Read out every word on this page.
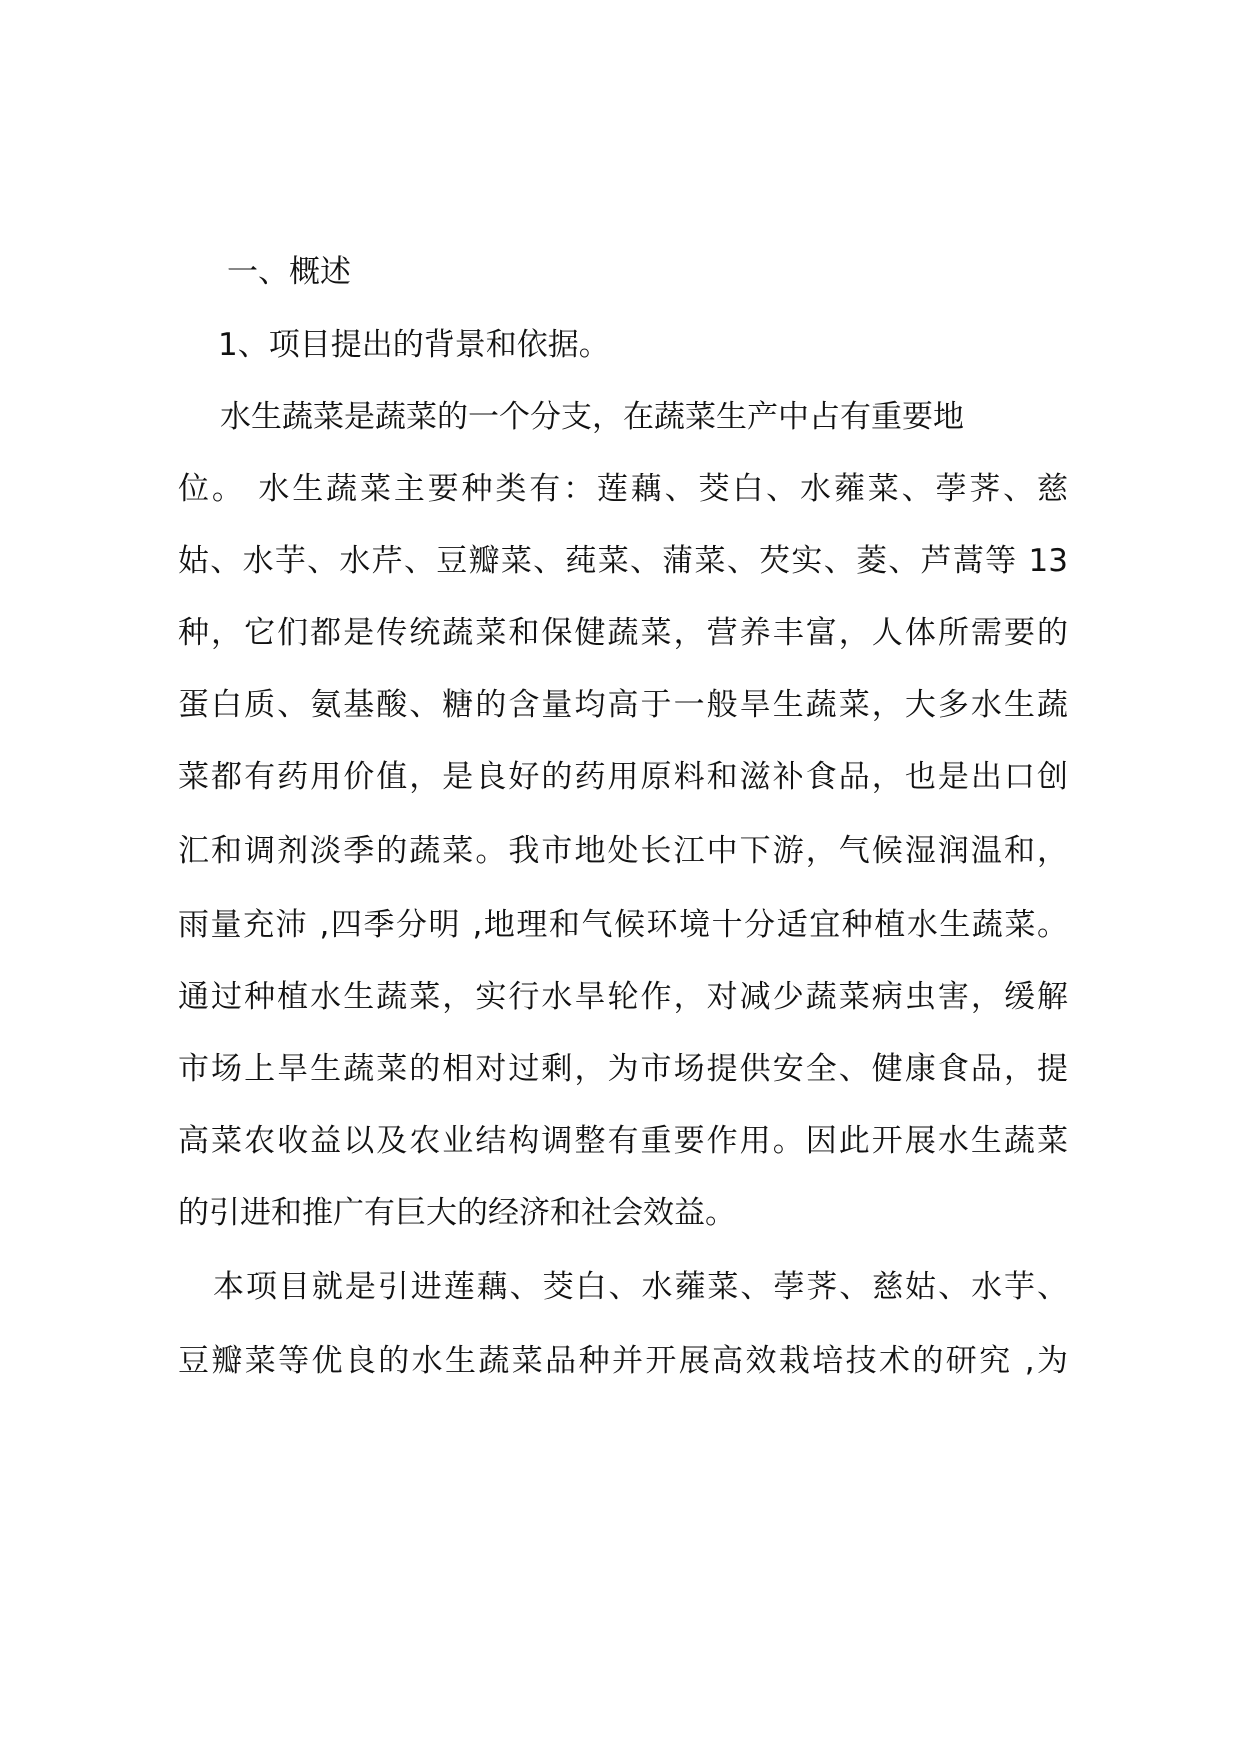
一、概述

1、项目提出的背景和依据。

水生蔬菜是蔬菜的一个分支，在蔬菜生产中占有重要地

位。 水生蔬菜主要种类有：莲藕、茭白、水蕹菜、荸荠、慈

姑、水芋、水芹、豆瓣菜、莼菜、蒲菜、芡实、菱、芦蒿等 13

种，它们都是传统蔬菜和保健蔬菜，营养丰富，人体所需要的

蛋白质、氨基酸、糖的含量均高于一般旱生蔬菜，大多水生蔬

菜都有药用价值，是良好的药用原料和滋补食品，也是出口创

汇和调剂淡季的蔬菜。我市地处长江中下游，气候湿润温和，

雨量充沛 ,四季分明 ,地理和气候环境十分适宜种植水生蔬菜。

通过种植水生蔬菜，实行水旱轮作，对减少蔬菜病虫害，缓解

市场上旱生蔬菜的相对过剩，为市场提供安全、健康食品，提

高菜农收益以及农业结构调整有重要作用。因此开展水生蔬菜

的引进和推广有巨大的经济和社会效益。

本项目就是引进莲藕、茭白、水蕹菜、荸荠、慈姑、水芋、

豆瓣菜等优良的水生蔬菜品种并开展高效栽培技术的研究 ,为
